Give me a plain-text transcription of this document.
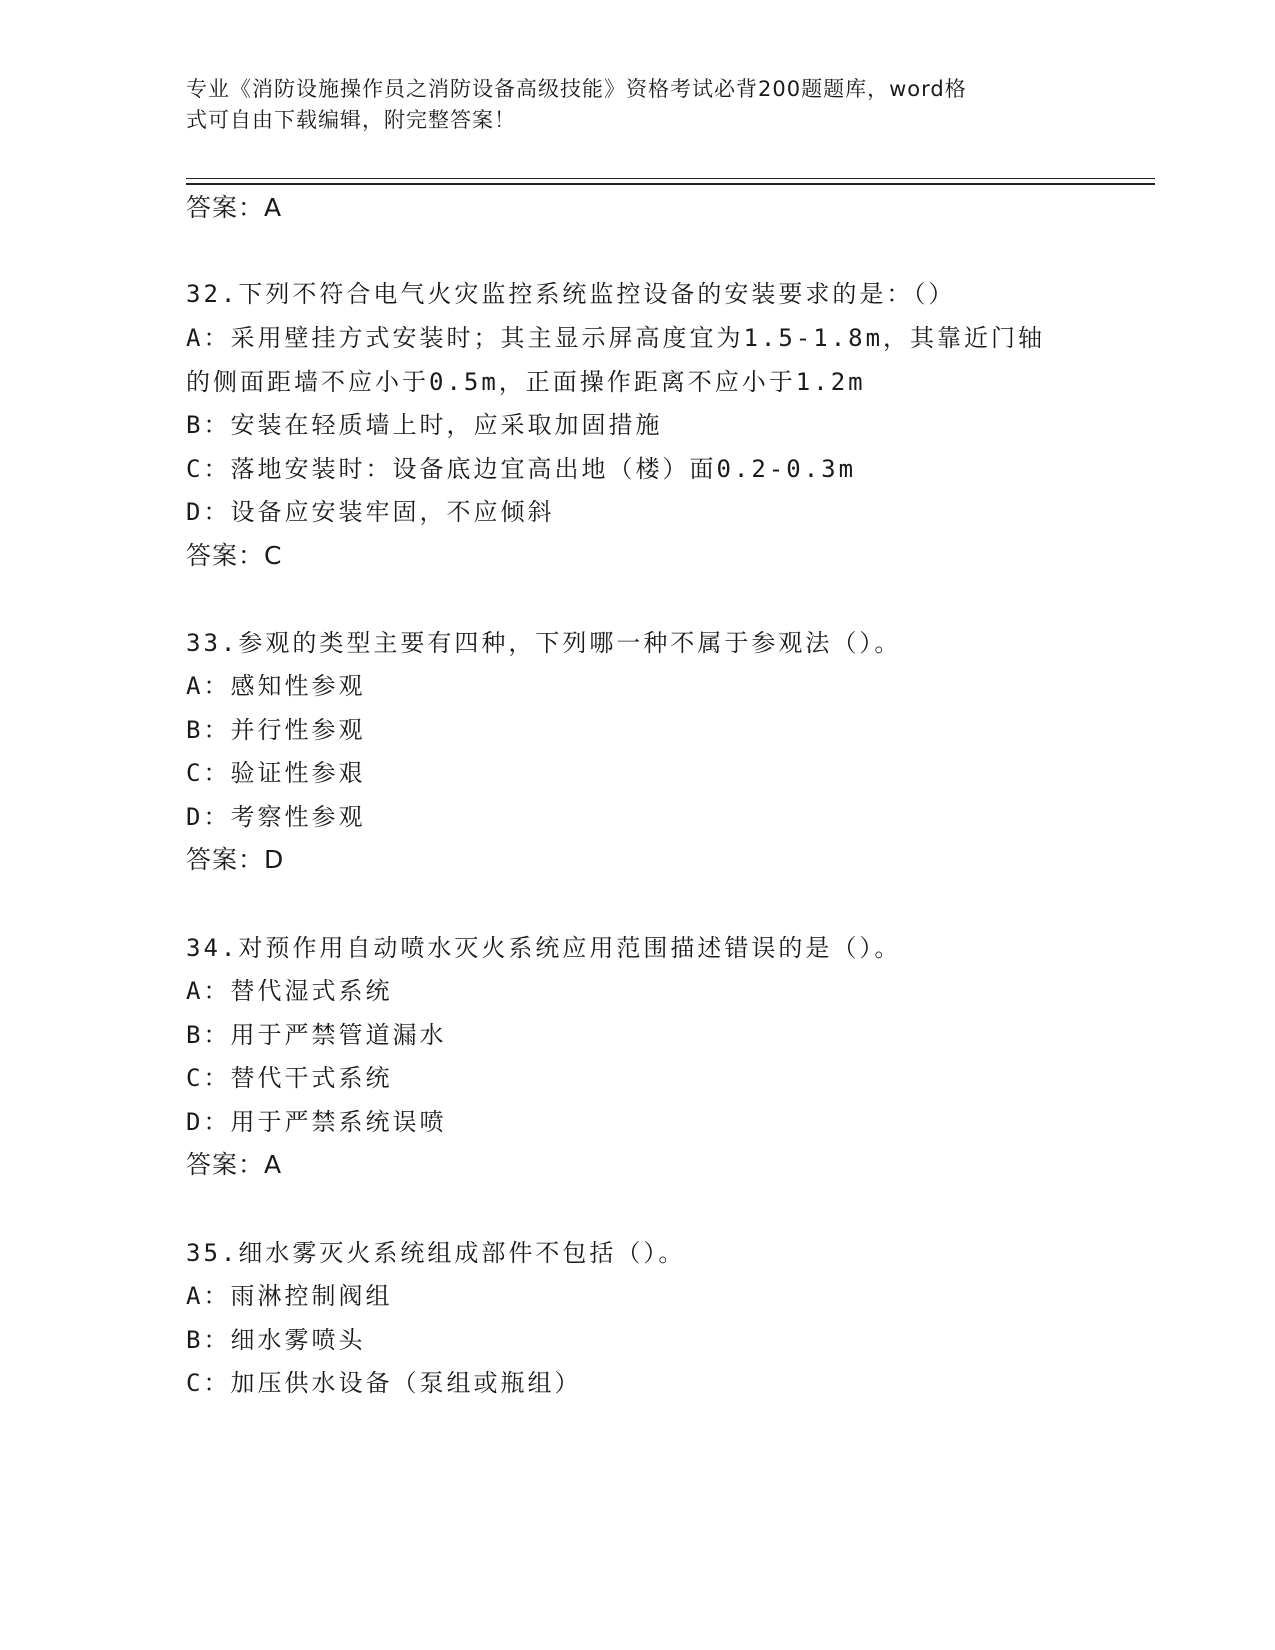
专业《消防设施操作员之消防设备高级技能》资格考试必背200题题库，word格
式可自由下载编辑，附完整答案！
答案：A
32.下列不符合电气火灾监控系统监控设备的安装要求的是：（）
A：采用壁挂方式安装时；其主显示屏高度宜为1.5-1.8m，其靠近门轴
的侧面距墙不应小于0.5m，正面操作距离不应小于1.2m
B：安装在轻质墙上时，应采取加固措施
C：落地安装时：设备底边宜高出地（楼）面0.2-0.3m
D：设备应安装牢固，不应倾斜
答案：C
33.参观的类型主要有四种，下列哪一种不属于参观法（）。
A：感知性参观
B：并行性参观
C：验证性参艰
D：考察性参观
答案：D
34.对预作用自动喷水灭火系统应用范围描述错误的是（）。
A：替代湿式系统
B：用于严禁管道漏水
C：替代干式系统
D：用于严禁系统误喷
答案：A
35.细水雾灭火系统组成部件不包括（）。
A：雨淋控制阀组
B：细水雾喷头
C：加压供水设备（泵组或瓶组）
